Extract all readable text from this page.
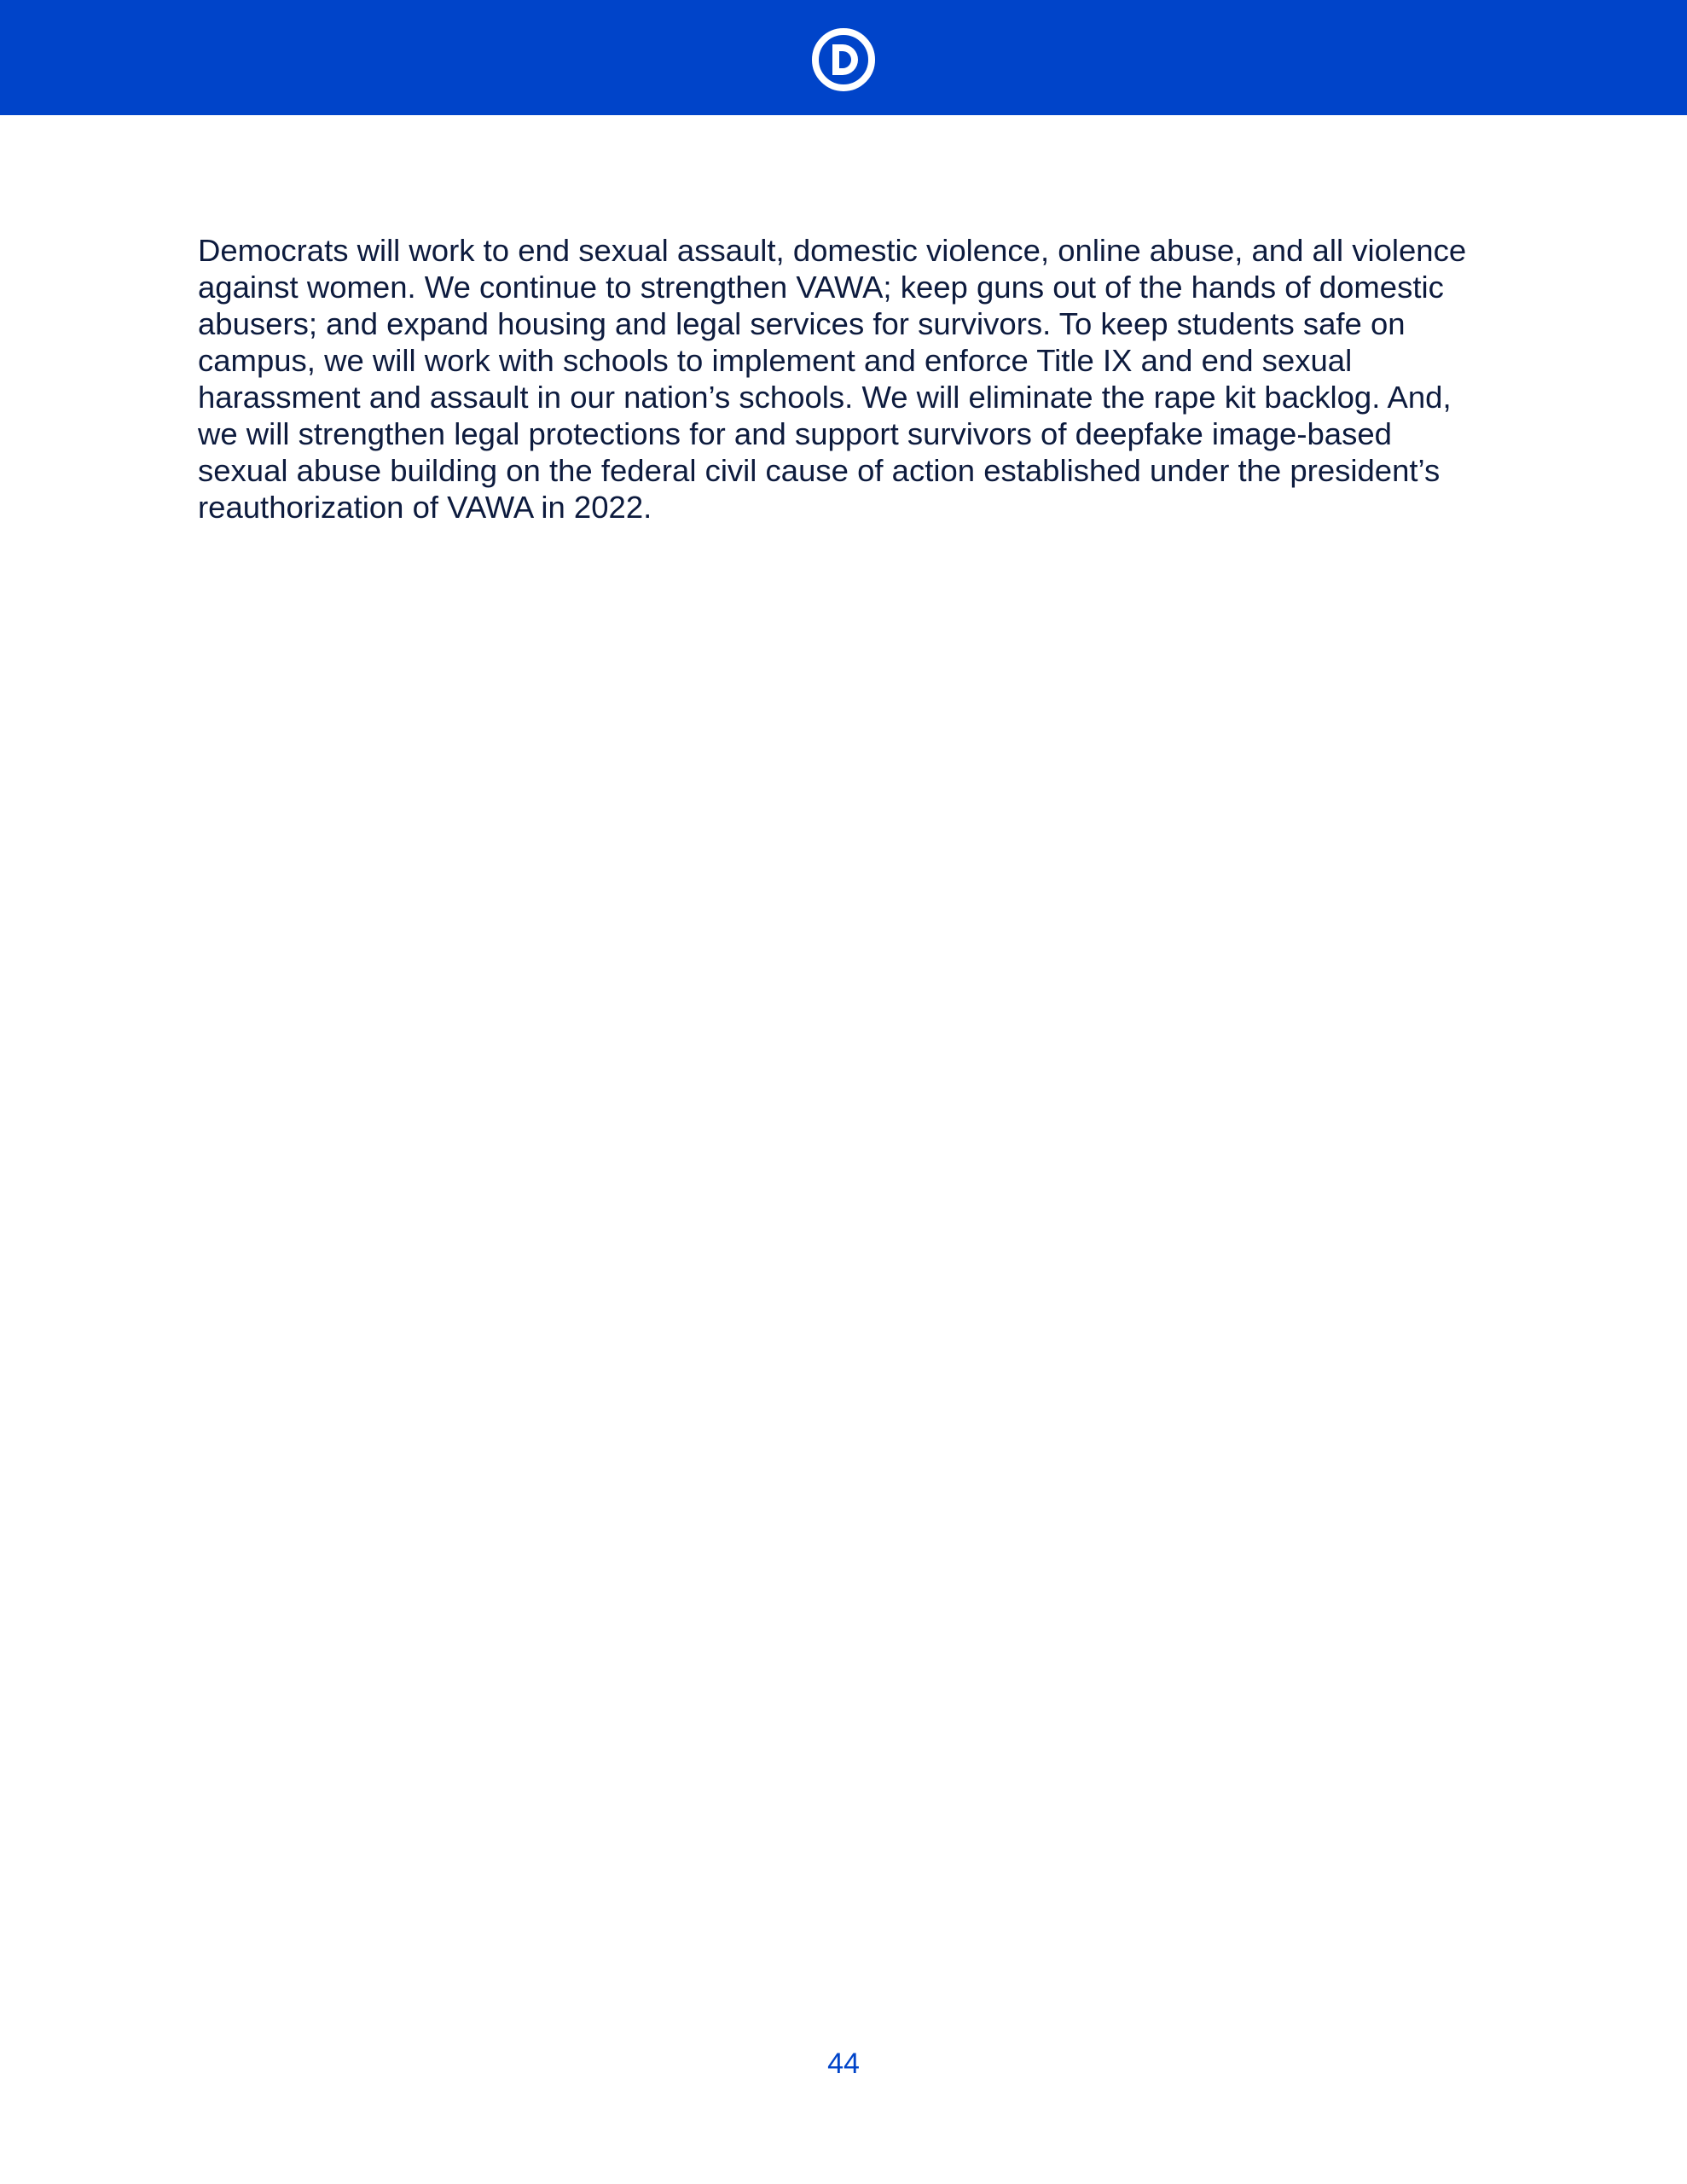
Democrats will work to end sexual assault, domestic violence, online abuse, and all violence
against women. We continue to strengthen VAWA; keep guns out of the hands of domestic
abusers; and expand housing and legal services for survivors. To keep students safe on
campus, we will work with schools to implement and enforce Title IX and end sexual
harassment and assault in our nation’s schools. We will eliminate the rape kit backlog. And,
we will strengthen legal protections for and support survivors of deepfake image-based
sexual abuse building on the federal civil cause of action established under the president’s
reauthorization of VAWA in 2022.

44
